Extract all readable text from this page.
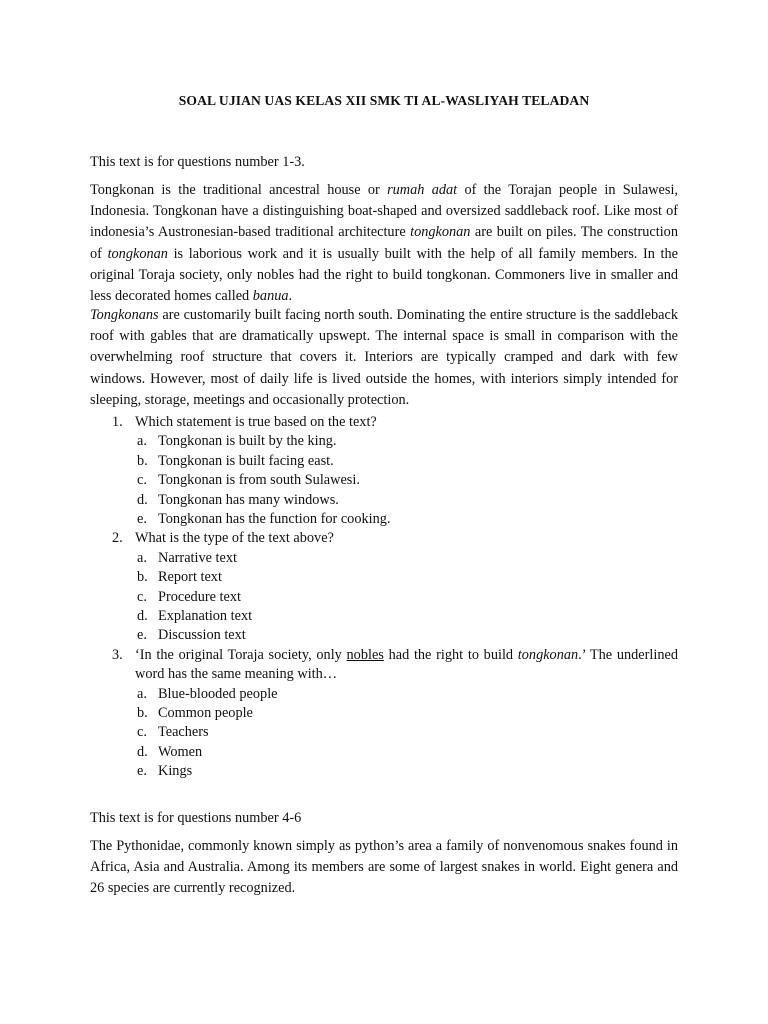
SOAL UJIAN UAS KELAS XII SMK TI AL-WASLIYAH TELADAN
This text is for questions number 1-3.
Tongkonan is the traditional ancestral house or rumah adat of the Torajan people in Sulawesi, Indonesia. Tongkonan have a distinguishing boat-shaped and oversized saddleback roof. Like most of indonesia’s Austronesian-based traditional architecture tongkonan are built on piles. The construction of tongkonan is laborious work and it is usually built with the help of all family members. In the original Toraja society, only nobles had the right to build tongkonan. Commoners live in smaller and less decorated homes called banua.
Tongkonans are customarily built facing north south. Dominating the entire structure is the saddleback roof with gables that are dramatically upswept. The internal space is small in comparison with the overwhelming roof structure that covers it. Interiors are typically cramped and dark with few windows. However, most of daily life is lived outside the homes, with interiors simply intended for sleeping, storage, meetings and occasionally protection.
1. Which statement is true based on the text?
a. Tongkonan is built by the king.
b. Tongkonan is built facing east.
c. Tongkonan is from south Sulawesi.
d. Tongkonan has many windows.
e. Tongkonan has the function for cooking.
2. What is the type of the text above?
a. Narrative text
b. Report text
c. Procedure text
d. Explanation text
e. Discussion text
3. ‘In the original Toraja society, only nobles had the right to build tongkonan.’ The underlined word has the same meaning with…
a. Blue-blooded people
b. Common people
c. Teachers
d. Women
e. Kings
This text is for questions number 4-6
The Pythonidae, commonly known simply as python’s area a family of nonvenomous snakes found in Africa, Asia and Australia. Among its members are some of largest snakes in world. Eight genera and 26 species are currently recognized.
